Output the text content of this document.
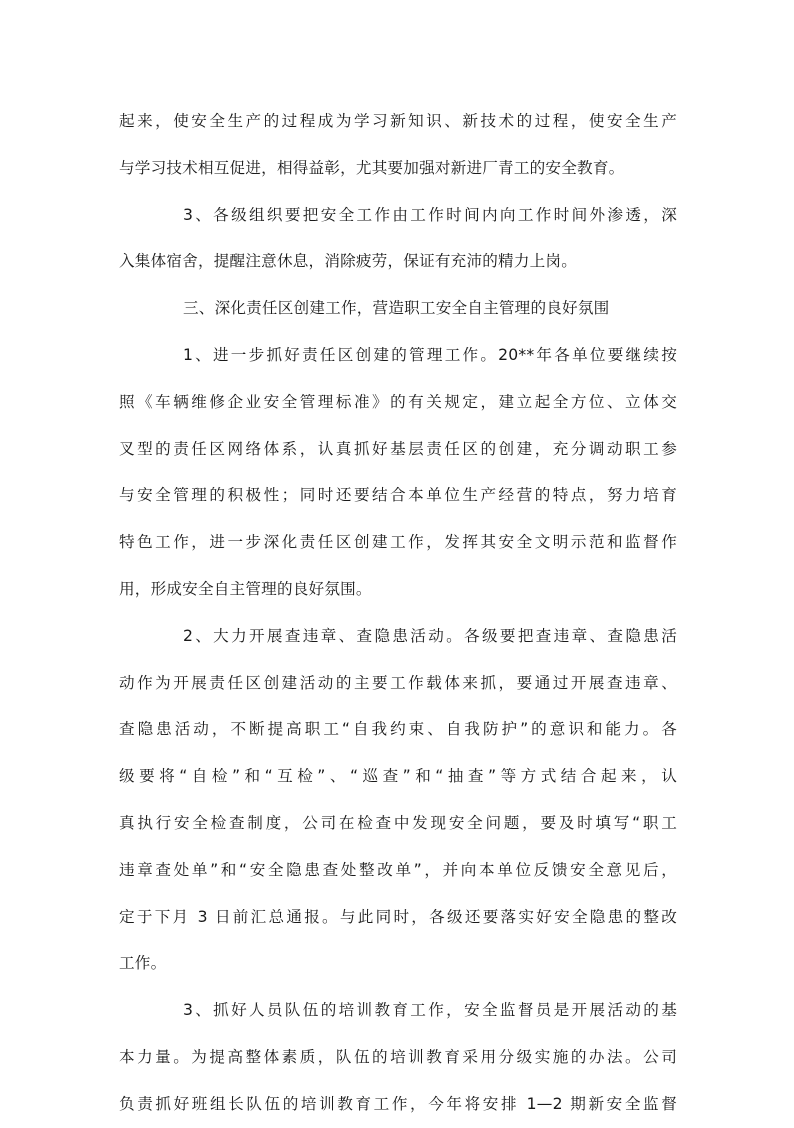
起来，使安全生产的过程成为学习新知识、新技术的过程，使安全生产
与学习技术相互促进，相得益彰，尤其要加强对新进厂青工的安全教育。
3、各级组织要把安全工作由工作时间内向工作时间外渗透，深
入集体宿舍，提醒注意休息，消除疲劳，保证有充沛的精力上岗。
三、深化责任区创建工作，营造职工安全自主管理的良好氛围
1、进一步抓好责任区创建的管理工作。20**年各单位要继续按
照《车辆维修企业安全管理标准》的有关规定，建立起全方位、立体交
叉型的责任区网络体系，认真抓好基层责任区的创建，充分调动职工参
与安全管理的积极性；同时还要结合本单位生产经营的特点，努力培育
特色工作，进一步深化责任区创建工作，发挥其安全文明示范和监督作
用，形成安全自主管理的良好氛围。
2、大力开展查违章、查隐患活动。各级要把查违章、查隐患活
动作为开展责任区创建活动的主要工作载体来抓，要通过开展查违章、
查隐患活动，不断提高职工“自我约束、自我防护”的意识和能力。各
级要将“自检”和“互检”、“巡查”和“抽查”等方式结合起来，认
真执行安全检查制度，公司在检查中发现安全问题，要及时填写“职工
违章查处单”和“安全隐患查处整改单”，并向本单位反馈安全意见后，
定于下月 3 日前汇总通报。与此同时，各级还要落实好安全隐患的整改
工作。
3、抓好人员队伍的培训教育工作，安全监督员是开展活动的基
本力量。为提高整体素质，队伍的培训教育采用分级实施的办法。公司
负责抓好班组长队伍的培训教育工作，今年将安排 1—2 期新安全监督
